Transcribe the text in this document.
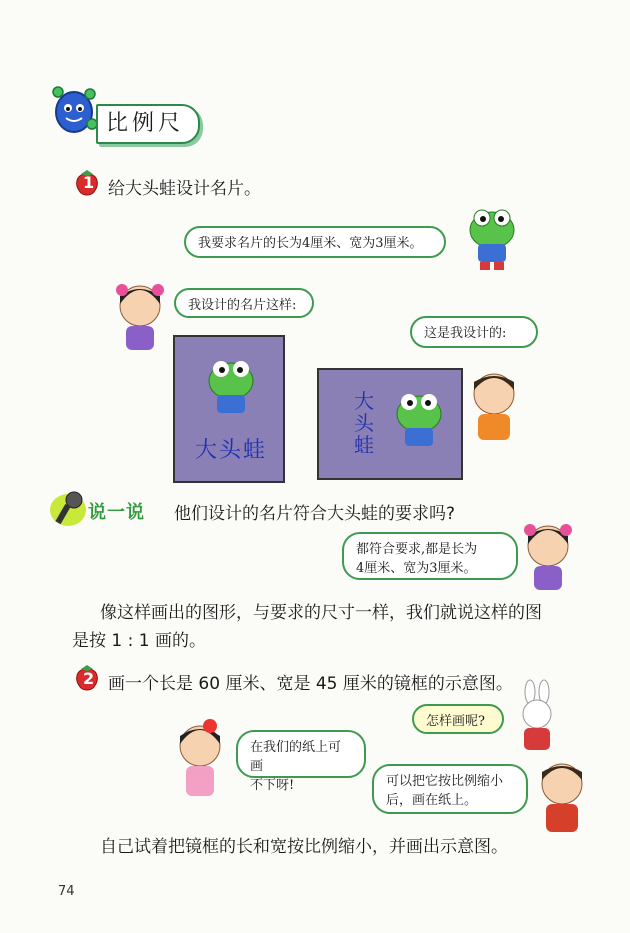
比例尺
1 给大头蛙设计名片。
我要求名片的长为4厘米、宽为3厘米。
我设计的名片这样:
这是我设计的:
大头蛙
大头蛙
说一说 他们设计的名片符合大头蛙的要求吗?
都符合要求,都是长为
4厘米、宽为3厘米。
像这样画出的图形，与要求的尺寸一样，我们就说这样的图
是按 1 : 1 画的。
2 画一个长是 60 厘米、宽是 45 厘米的镜框的示意图。
怎样画呢?
在我们的纸上可画
不下呀!	可以把它按比例缩小
后，画在纸上。
自己试着把镜框的长和宽按比例缩小，并画出示意图。
74
